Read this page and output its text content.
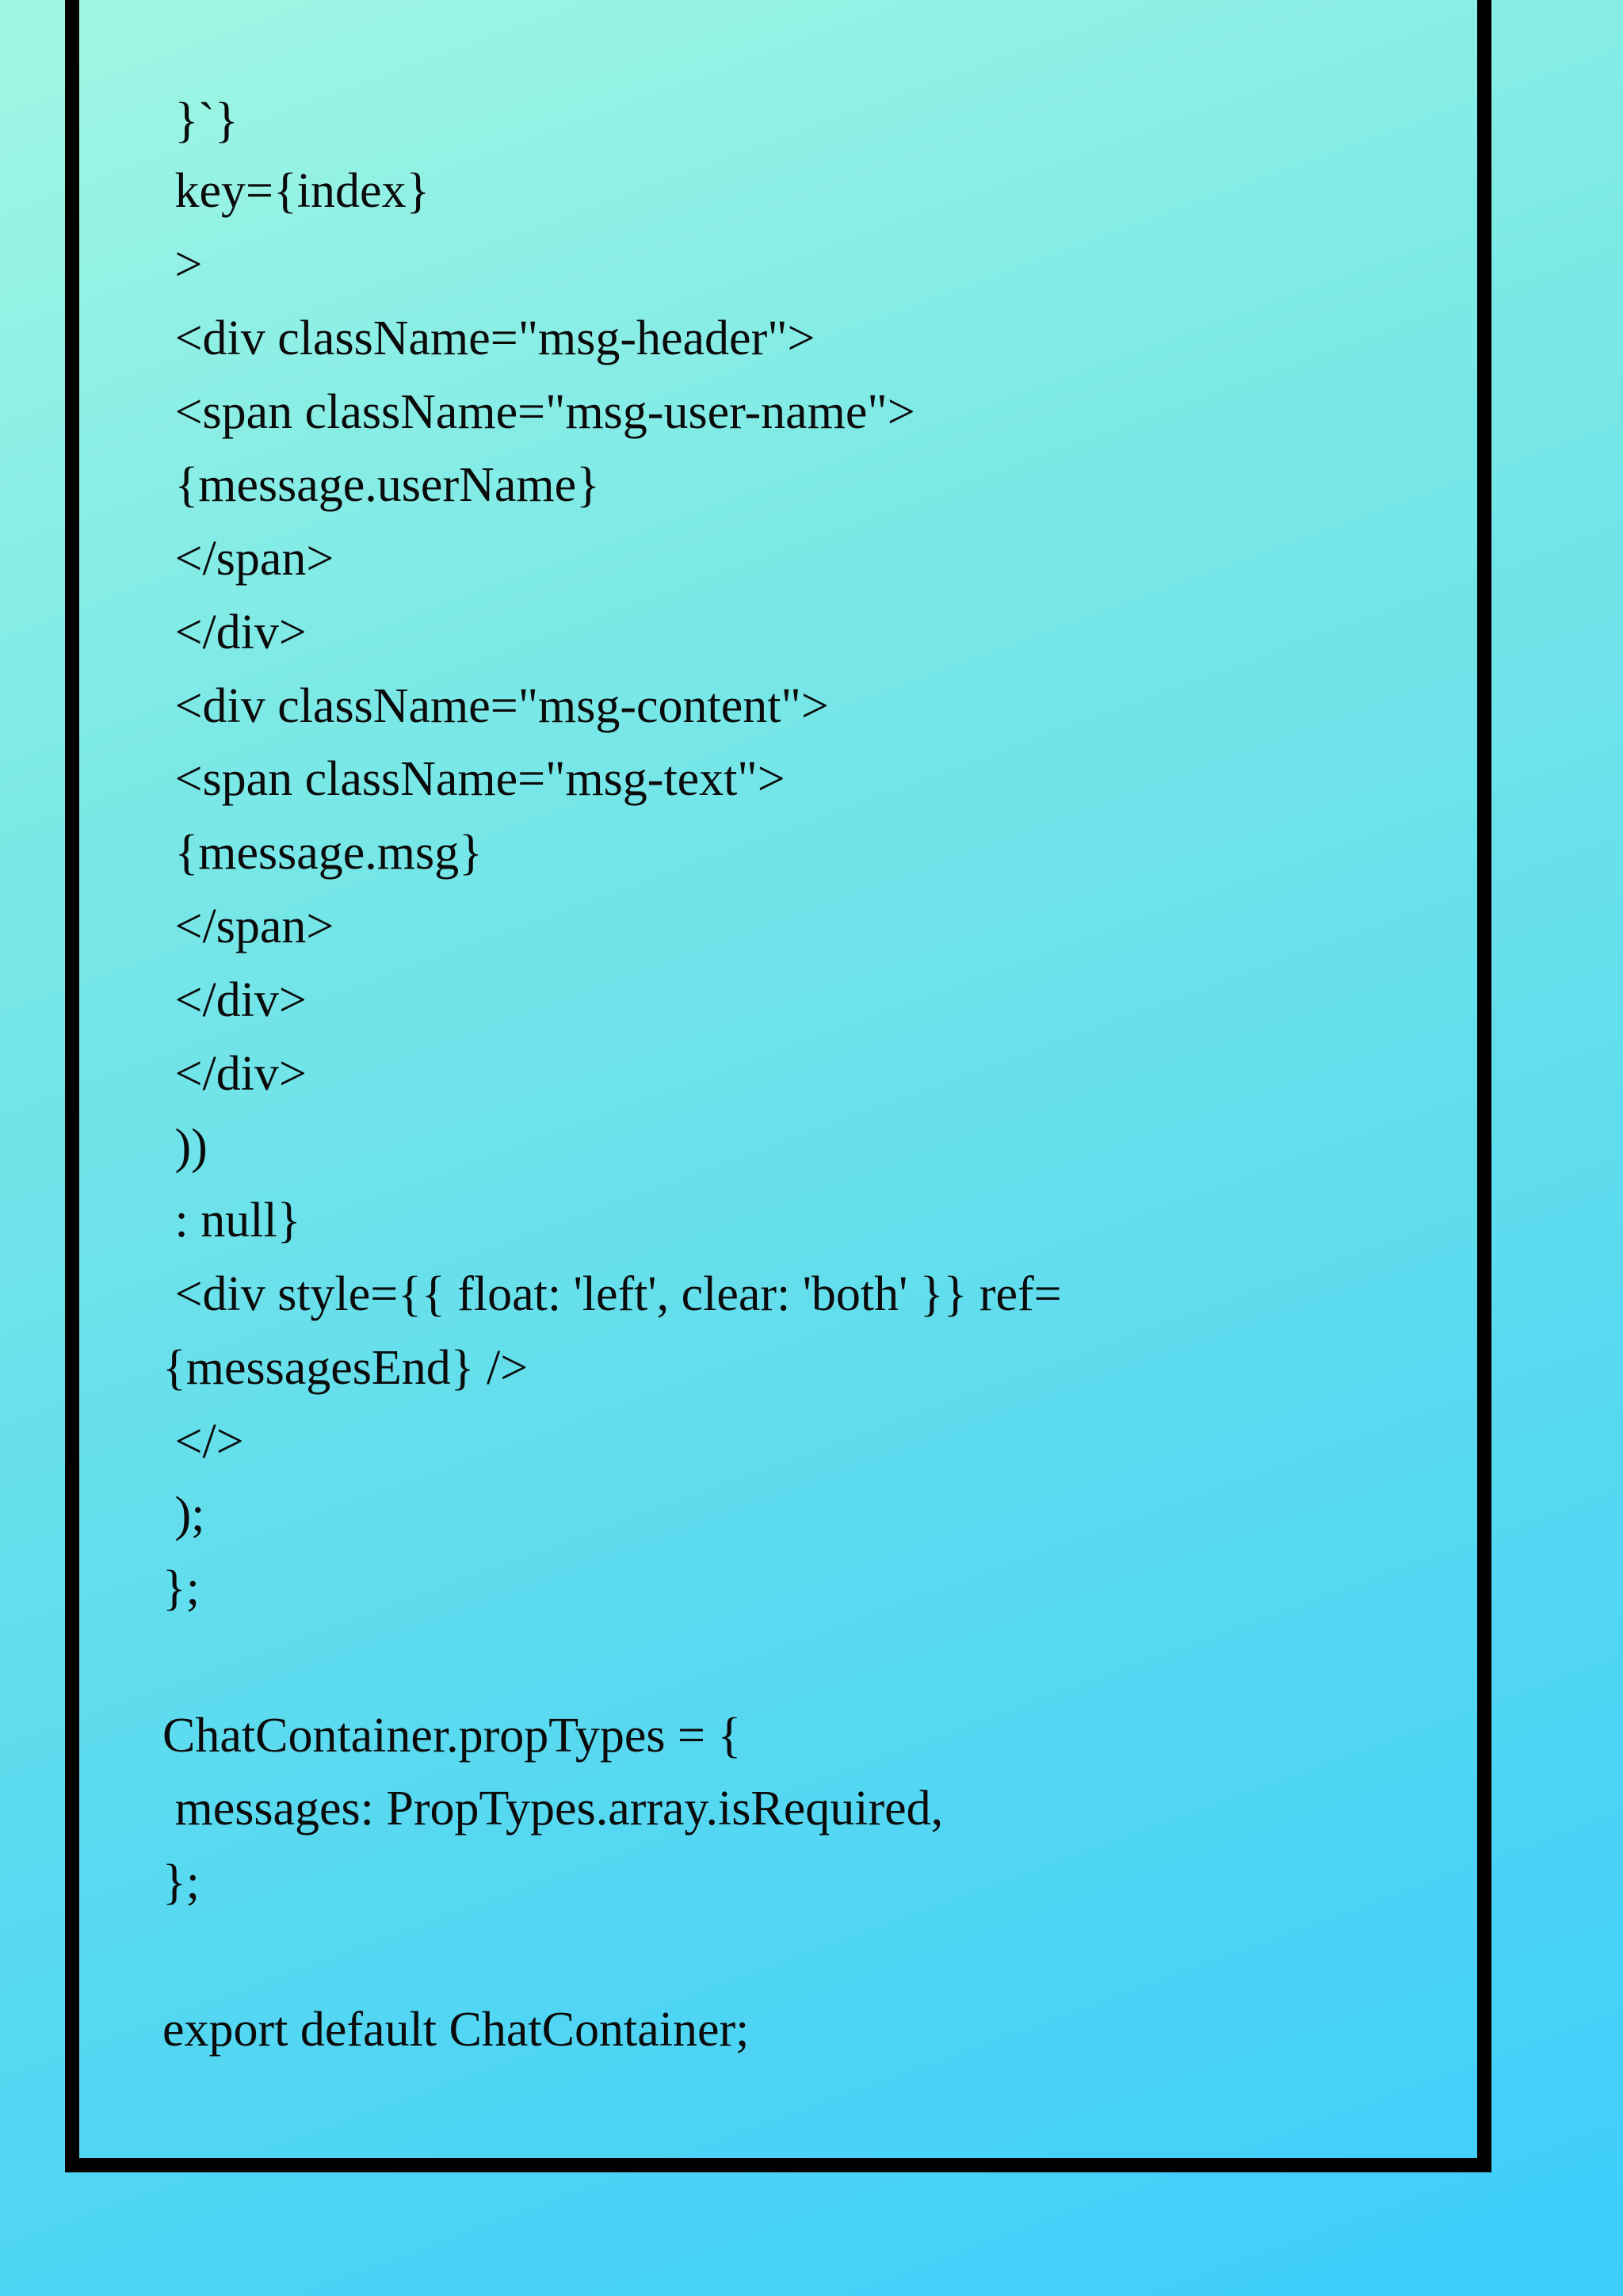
}`}
key={index}
>
<div className="msg-header">
<span className="msg-user-name">
{message.userName}
</span>
</div>
<div className="msg-content">
<span className="msg-text">
{message.msg}
</span>
</div>
</div>
))
: null}
<div style={{ float: 'left', clear: 'both' }} ref=
{messagesEnd} />
</>
);
};
ChatContainer.propTypes = {
messages: PropTypes.array.isRequired,
};
export default ChatContainer;
